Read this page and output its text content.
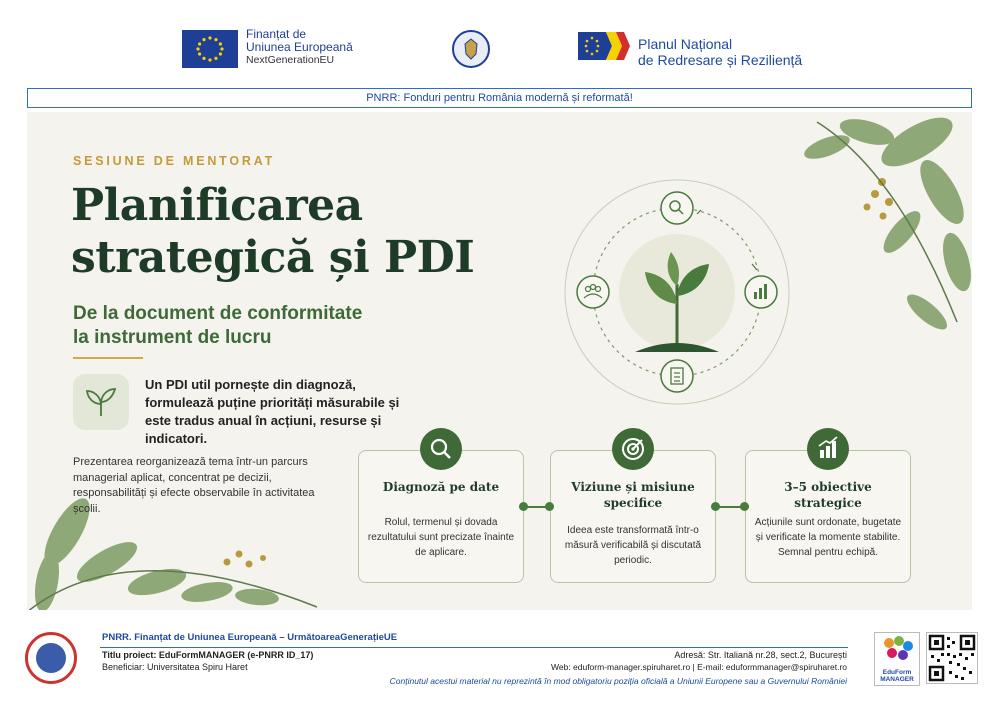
Finanțat de
Uniunea Europeană
NextGenerationEU
Planul Național
de Redresare și Reziliență
PNRR: Fonduri pentru România modernă și reformată!
SESIUNE DE MENTORAT
Planificarea
strategică și PDI
De la document de conformitate
la instrument de lucru
Un PDI util pornește din diagnoză, formulează puține priorități măsurabile și este tradus anual în acțiuni, resurse și indicatori.
Prezentarea reorganizează tema într-un parcurs managerial aplicat, concentrat pe decizii, responsabilități și efecte observabile în activitatea școlii.
Diagnoză pe date
Rolul, termenul și dovada rezultatului sunt precizate înainte de aplicare.
Viziune și misiune specifice
Ideea este transformată într-o măsură verificabilă și discutată periodic.
3–5 obiective strategice
Acțiunile sunt ordonate, bugetate și verificate la momente stabilite. Semnal pentru echipă.
PNRR. Finanțat de Uniunea Europeană – UrmătoareaGenerațieUE
Titlu proiect: EduFormMANAGER (e-PNRR ID_17)
Beneficiar: Universitatea Spiru Haret
Adresă: Str. Italiană nr.28, sect.2, București
Web: eduform-manager.spiruharet.ro | E-mail: eduformmanager@spiruharet.ro
Conținutul acestui material nu reprezintă în mod obligatoriu poziția oficială a Uniunii Europene sau a Guvernului României
EduForm
MANAGER
